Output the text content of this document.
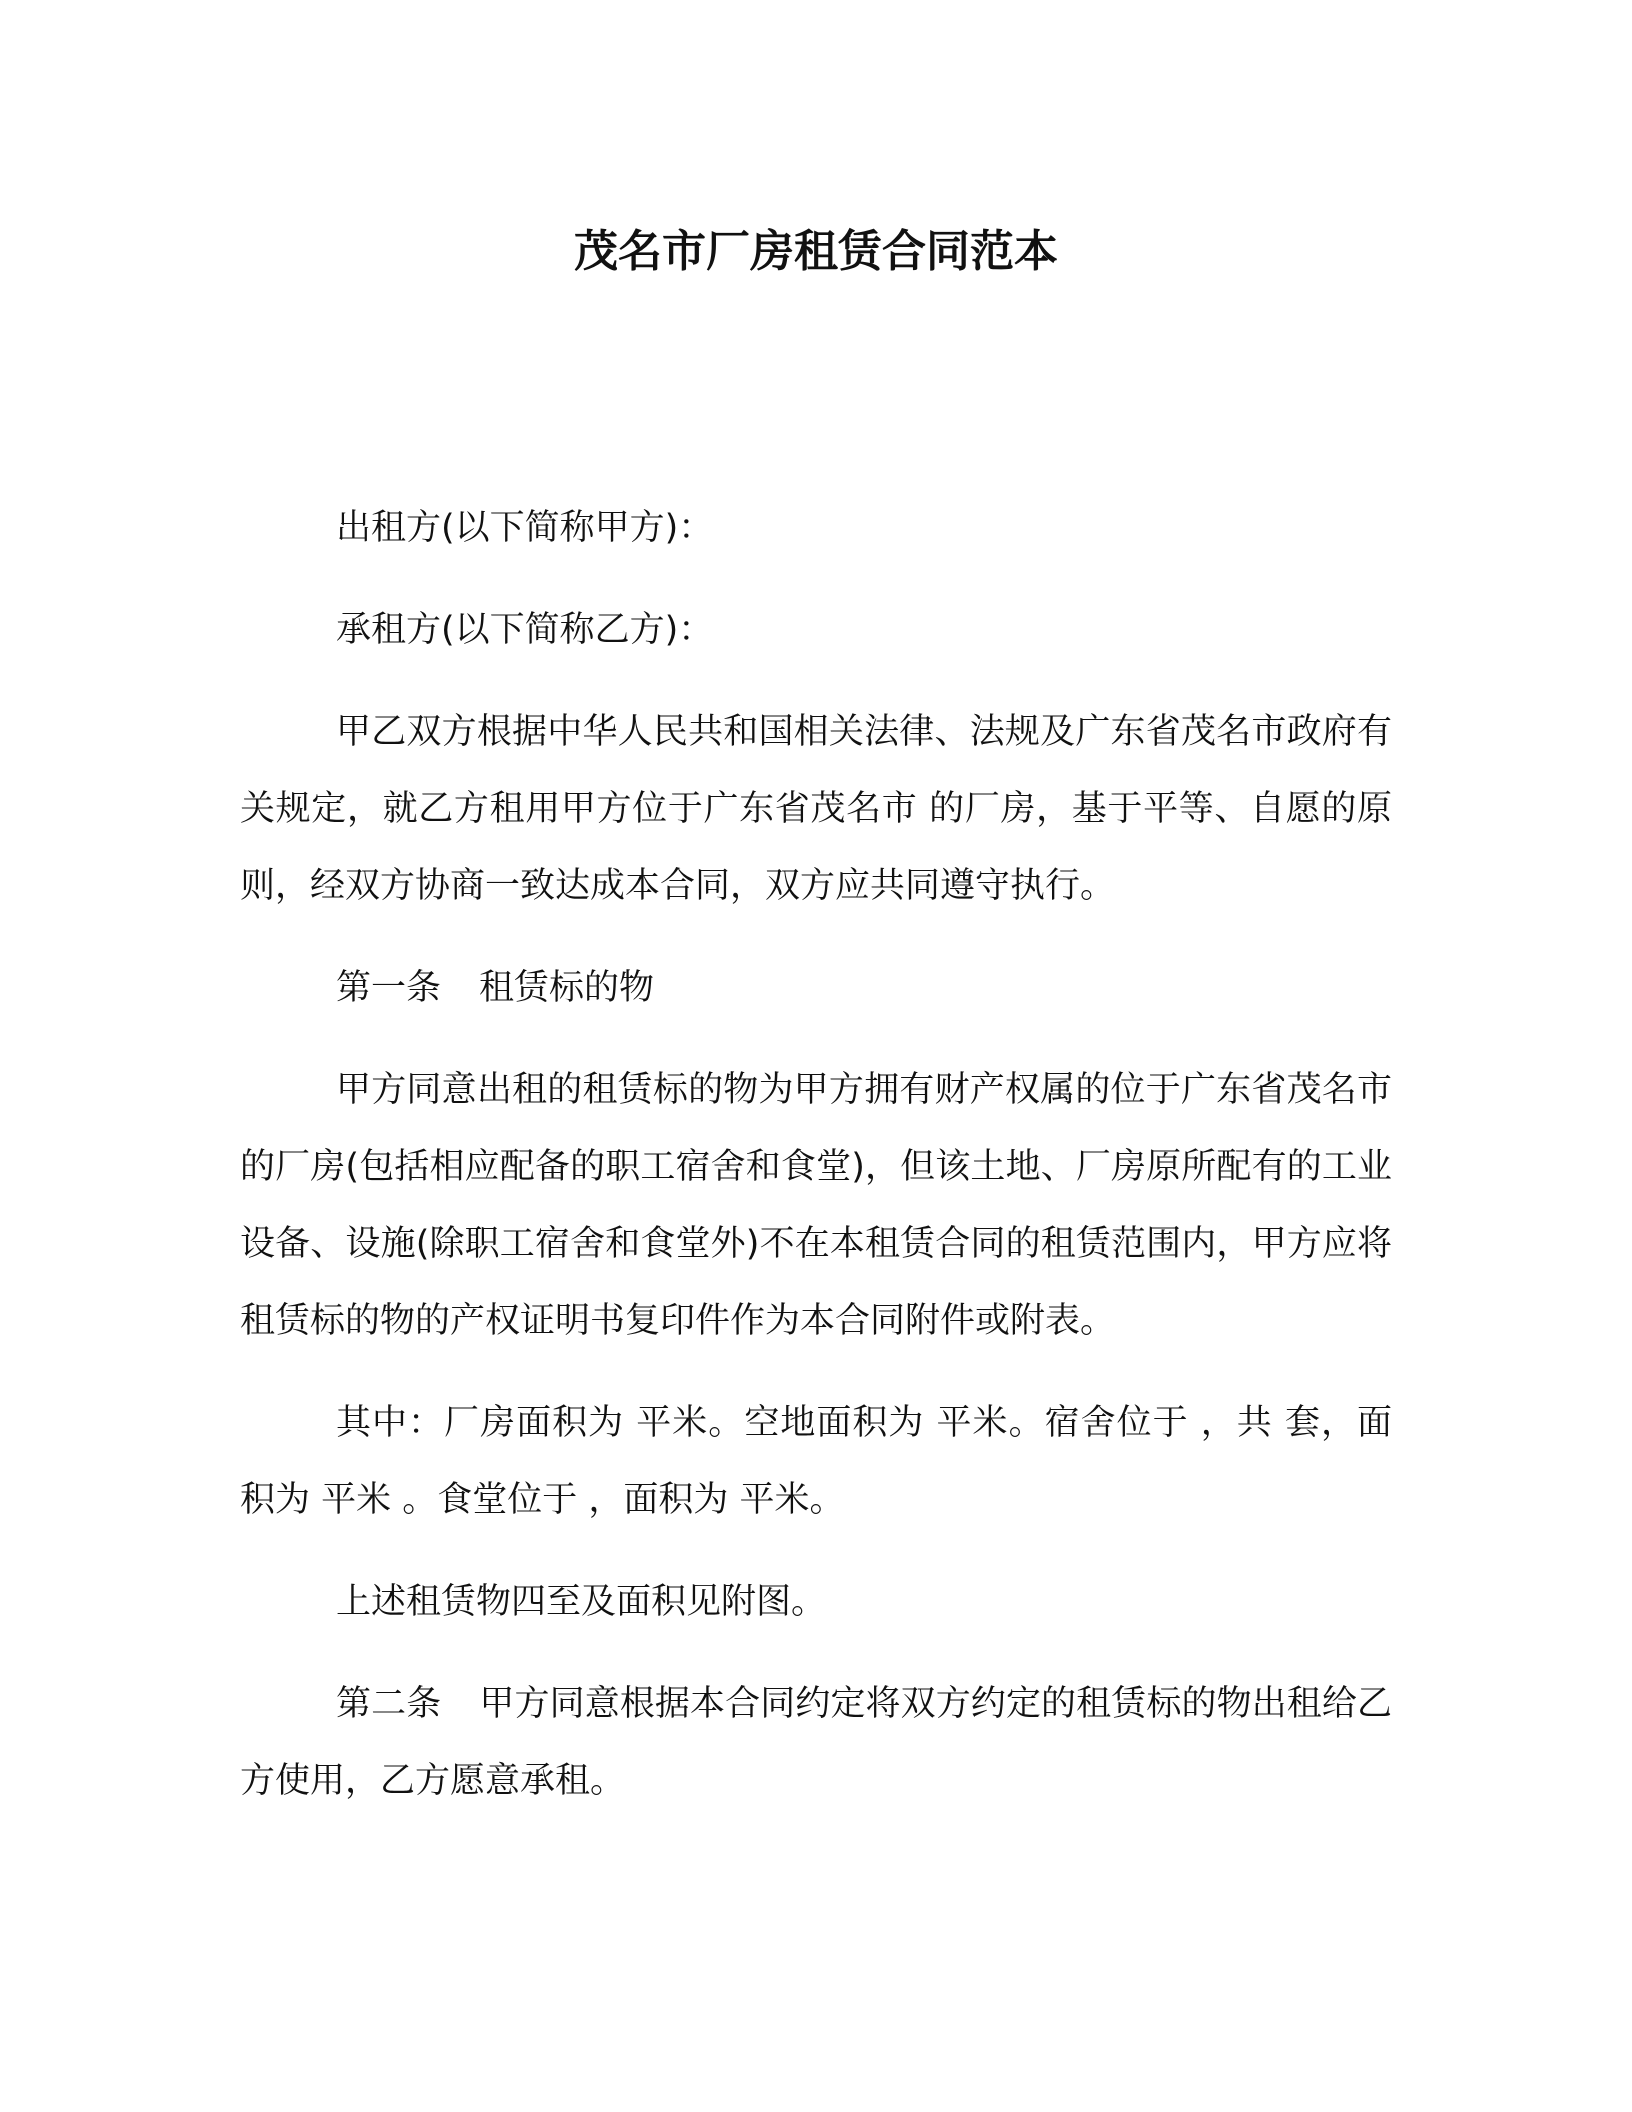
茂名市厂房租赁合同范本

出租方(以下简称甲方)：

承租方(以下简称乙方)：

甲乙双方根据中华人民共和国相关法律、法规及广东省茂名市政府有关规定，就乙方租用甲方位于广东省茂名市 的厂房，基于平等、自愿的原则，经双方协商一致达成本合同，双方应共同遵守执行。

第一条 租赁标的物

甲方同意出租的租赁标的物为甲方拥有财产权属的位于广东省茂名市 的厂房(包括相应配备的职工宿舍和食堂)，但该土地、厂房原所配有的工业设备、设施(除职工宿舍和食堂外)不在本租赁合同的租赁范围内，甲方应将租赁标的物的产权证明书复印件作为本合同附件或附表。

其中：厂房面积为 平米。空地面积为 平米。宿舍位于 ，共 套，面积为 平米 。食堂位于 ，面积为 平米。

上述租赁物四至及面积见附图。

第二条 甲方同意根据本合同约定将双方约定的租赁标的物出租给乙方使用，乙方愿意承租。
